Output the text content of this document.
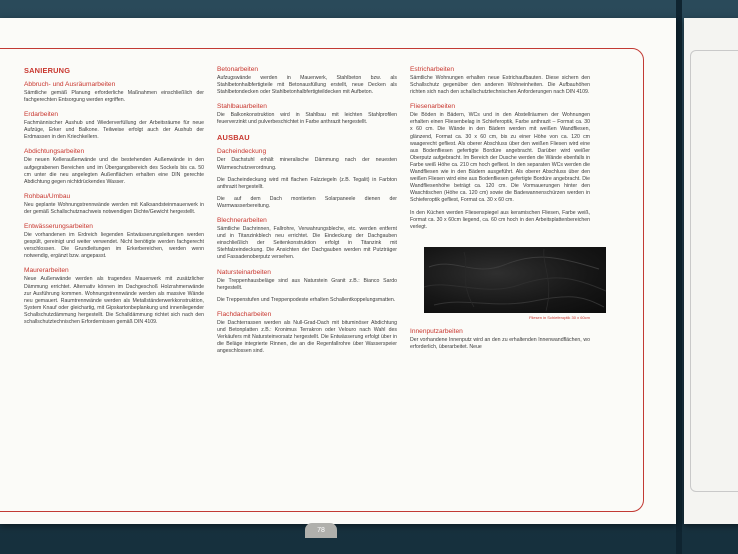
SANIERUNG
Abbruch- und Ausräumarbeiten
Sämtliche gemäß Planung erforderliche Maßnahmen einschließlich der fachgerechten Entsorgung werden ergriffen.
Erdarbeiten
Fachmännischer Aushub und Wiederverfüllung der Arbeitsräume für neue Aufzüge, Erker und Balkone. Teilweise erfolgt auch der Aushub der Erdmassen in den Kriechkellern.
Abdichtungsarbeiten
Die neuen Kelleraußenwände und die bestehenden Außenwände in den aufgegrabenen Bereichen und im Übergangsbereich des Sockels bis ca. 50 cm unter die neu angelegten Außenflächen erhalten eine DIN gerechte Abdichtung gegen nichtdrückendes Wasser.
Rohbau/Umbau
Neu geplante Wohnungstrennwände werden mit Kalksandsteinmauerwerk in der gemäß Schallschutznachweis notwendigen Dichte/Gewicht hergestellt.
Entwässerungsarbeiten
Die vorhandenen im Erdreich liegenden Entwässerungsleitungen werden gespült, gereinigt und weiter verwendet. Nicht benötigte werden fachgerecht verschlossen. Die Grundleitungen im Erkerbereichen, werden wenn notwendig, ergänzt bzw. angepasst.
Maurerarbeiten
Neue Außenwände werden als tragendes Mauerwerk mit zusätzlicher Dämmung errichtet. Alternativ können im Dachgeschoß Holzrahmenwände zur Ausführung kommen. Wohnungstrennwände werden als massive Wände neu gemauert. Raumtrennwände werden als Metallständerwerkkonstruktion, System Knauf oder gleichartig, mit Gipskartonbeplankung und innenliegender Schallschutzdämmung hergestellt. Die Schalldämmung richtet sich nach den schallschutztechnischen Erfordernissen gemäß DIN 4109.
Betonarbeiten
Aufzugswände werden in Mauerwerk, Stahlbeton bzw. als Stahlbetonhalbfertigteile mit Betonausfüllung erstellt, neue Decken als Stahlbetondecken oder Stahlbetonhalbfertigteildecken mit Aufbeton.
Stahlbauarbeiten
Die Balkonkonstruktion wird in Stahlbau mit leichten Stahlprofilen feuerverzinkt und pulverbeschichtet in Farbe anthrazit hergestellt.
AUSBAU
Dacheindeckung
Der Dachstuhl erhält mineralische Dämmung nach der neuesten Wärmeschutzverordnung.
Die Dacheindeckung wird mit flachen Falzziegeln (z.B. Tegalit) in Farbton anthrazit hergestellt.
Die auf dem Dach montierten Solarpaneele dienen der Warmwasserbereitung.
Blechnerarbeiten
Sämtliche Dachrinnen, Fallrohre, Verwahrungsbleche, etc. werden entfernt und in Titanzinkblech neu errichtet. Die Eindeckung der Dachgauben einschließlich der Seitenkonstruktion erfolgt in Titanzink mit Stehfalzeindeckung. Die Ansichten der Dachgauben werden mit Putzträger und Fassadenoberputz versehen.
Natursteinarbeiten
Die Treppenhausbeläge sind aus Naturstein Granit z.B.: Bianco Sardo hergestellt.
Die Treppenstufen und Treppenpodeste erhalten Schallentkoppelungsmatten.
Flachdacharbeiten
Die Dachterrassen werden als Null-Grad-Dach mit bituminöser Abdichtung und Betonplatten z.B.: Kronimus Terrakron oder Velouro nach Wahl des Verkäufers mit Natursteinvorsatz hergestellt. Die Entwässerung erfolgt über in die Beläge integrierte Rinnen, die an die Regenfallrohre über Wasserspeier angeschlossen sind.
Estricharbeiten
Sämtliche Wohnungen erhalten neue Estrichaufbauten. Diese sichern den Schallschutz gegenüber den anderen Wohneinheiten. Die Aufbauhöhen richten sich nach den schallschutztechnischen Anforderungen nach DIN 4109.
Fliesenarbeiten
Die Böden in Bädern, WCs und in den Abstellräumen der Wohnungen erhalten einen Fliesenbelag in Schieferoptik, Farbe anthrazit – Format ca. 30 x 60 cm. Die Wände in den Bädern werden mit weißen Wandfliesen, glänzend, Format ca. 30 x 60 cm, bis zu einer Höhe von ca. 120 cm waagerecht gefliest. Als oberer Abschluss über den weißen Fliesen wird eine aus Bodenfliesen gefertigte Bordüre angebracht. Darüber wird weißer Oberputz aufgebracht. Im Bereich der Dusche werden die Wände ebenfalls in Farbe weiß Höhe ca. 210 cm hoch gefliest. In den separaten WCs werden die Wandfliesen wie in den Bädern ausgeführt. Als oberer Abschluss über den weißen Fliesen wird eine aus Bodenfliesen gefertigte Bordüre angebracht. Die Wandfliesenhöhe beträgt ca. 120 cm. Die Vormauerungen hinter den Waschtischen (Höhe ca. 120 cm) sowie die Badewannenschürzen werden in Schieferoptik gefliest, Format ca. 30 x 60 cm.
In den Küchen werden Fliesenspiegel aus keramischen Fliesen, Farbe weiß, Format ca. 30 x 60cm liegend, ca. 60 cm hoch in den Arbeitsplattenbereichen verlegt.
Fliesen in Schieferoptik 30 x 60cm
Innenputzarbeiten
Der vorhandene Innenputz wird an den zu erhaltenden Innenwandflächen, wo erforderlich, überarbeitet. Neue
78
